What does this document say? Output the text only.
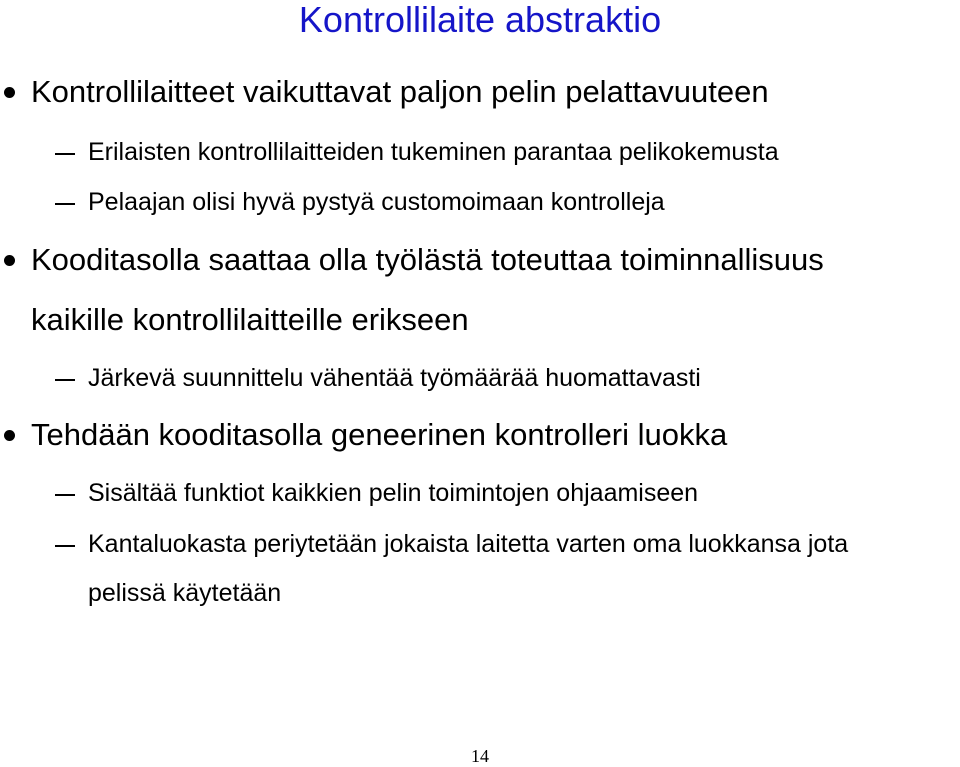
Kontrollilaite abstraktio
Kontrollilaitteet vaikuttavat paljon pelin pelattavuuteen
Erilaisten kontrollilaitteiden tukeminen parantaa pelikokemusta
Pelaajan olisi hyvä pystyä customoimaan kontrolleja
Kooditasolla saattaa olla työlästä toteuttaa toiminnallisuus
kaikille kontrollilaitteille erikseen
Järkevä suunnittelu vähentää työmäärää huomattavasti
Tehdään kooditasolla geneerinen kontrolleri luokka
Sisältää funktiot kaikkien pelin toimintojen ohjaamiseen
Kantaluokasta periytetään jokaista laitetta varten oma luokkansa jota
pelissä käytetään
14
